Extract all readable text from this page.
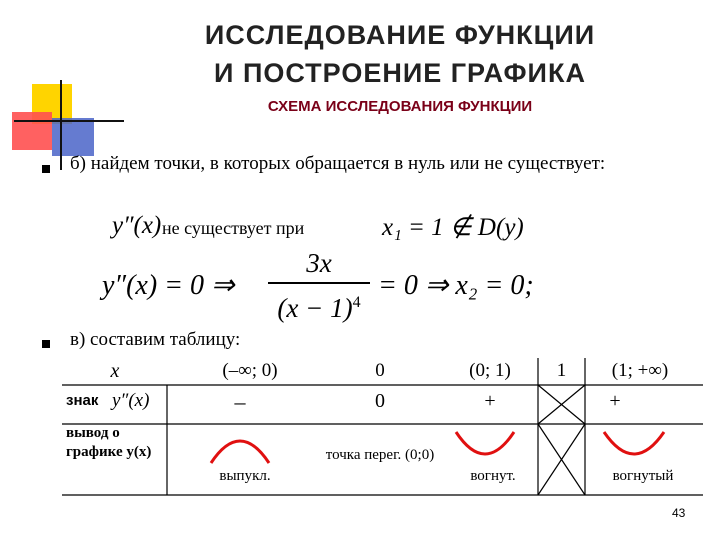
ИССЛЕДОВАНИЕ ФУНКЦИИ
И ПОСТРОЕНИЕ ГРАФИКА
СХЕМА ИССЛЕДОВАНИЯ ФУНКЦИИ
б) найдем точки, в которых обращается в нуль или не существует:
y″(x) не существует при	x₁ = 1 ∉ D(y)
y″(x) = 0 ⇒
3x
$(x - 1)^4$
= 0 ⇒ x₂ = 0;
в) составим таблицу:
x
знак y″(x)
вывод о графике y(x)
(–∞; 0)
–
выпукл.
0
0
точка перег. (0;0)
(0; 1)
+
вогнут.
1	(1; +∞)
+
вогнутый
43
